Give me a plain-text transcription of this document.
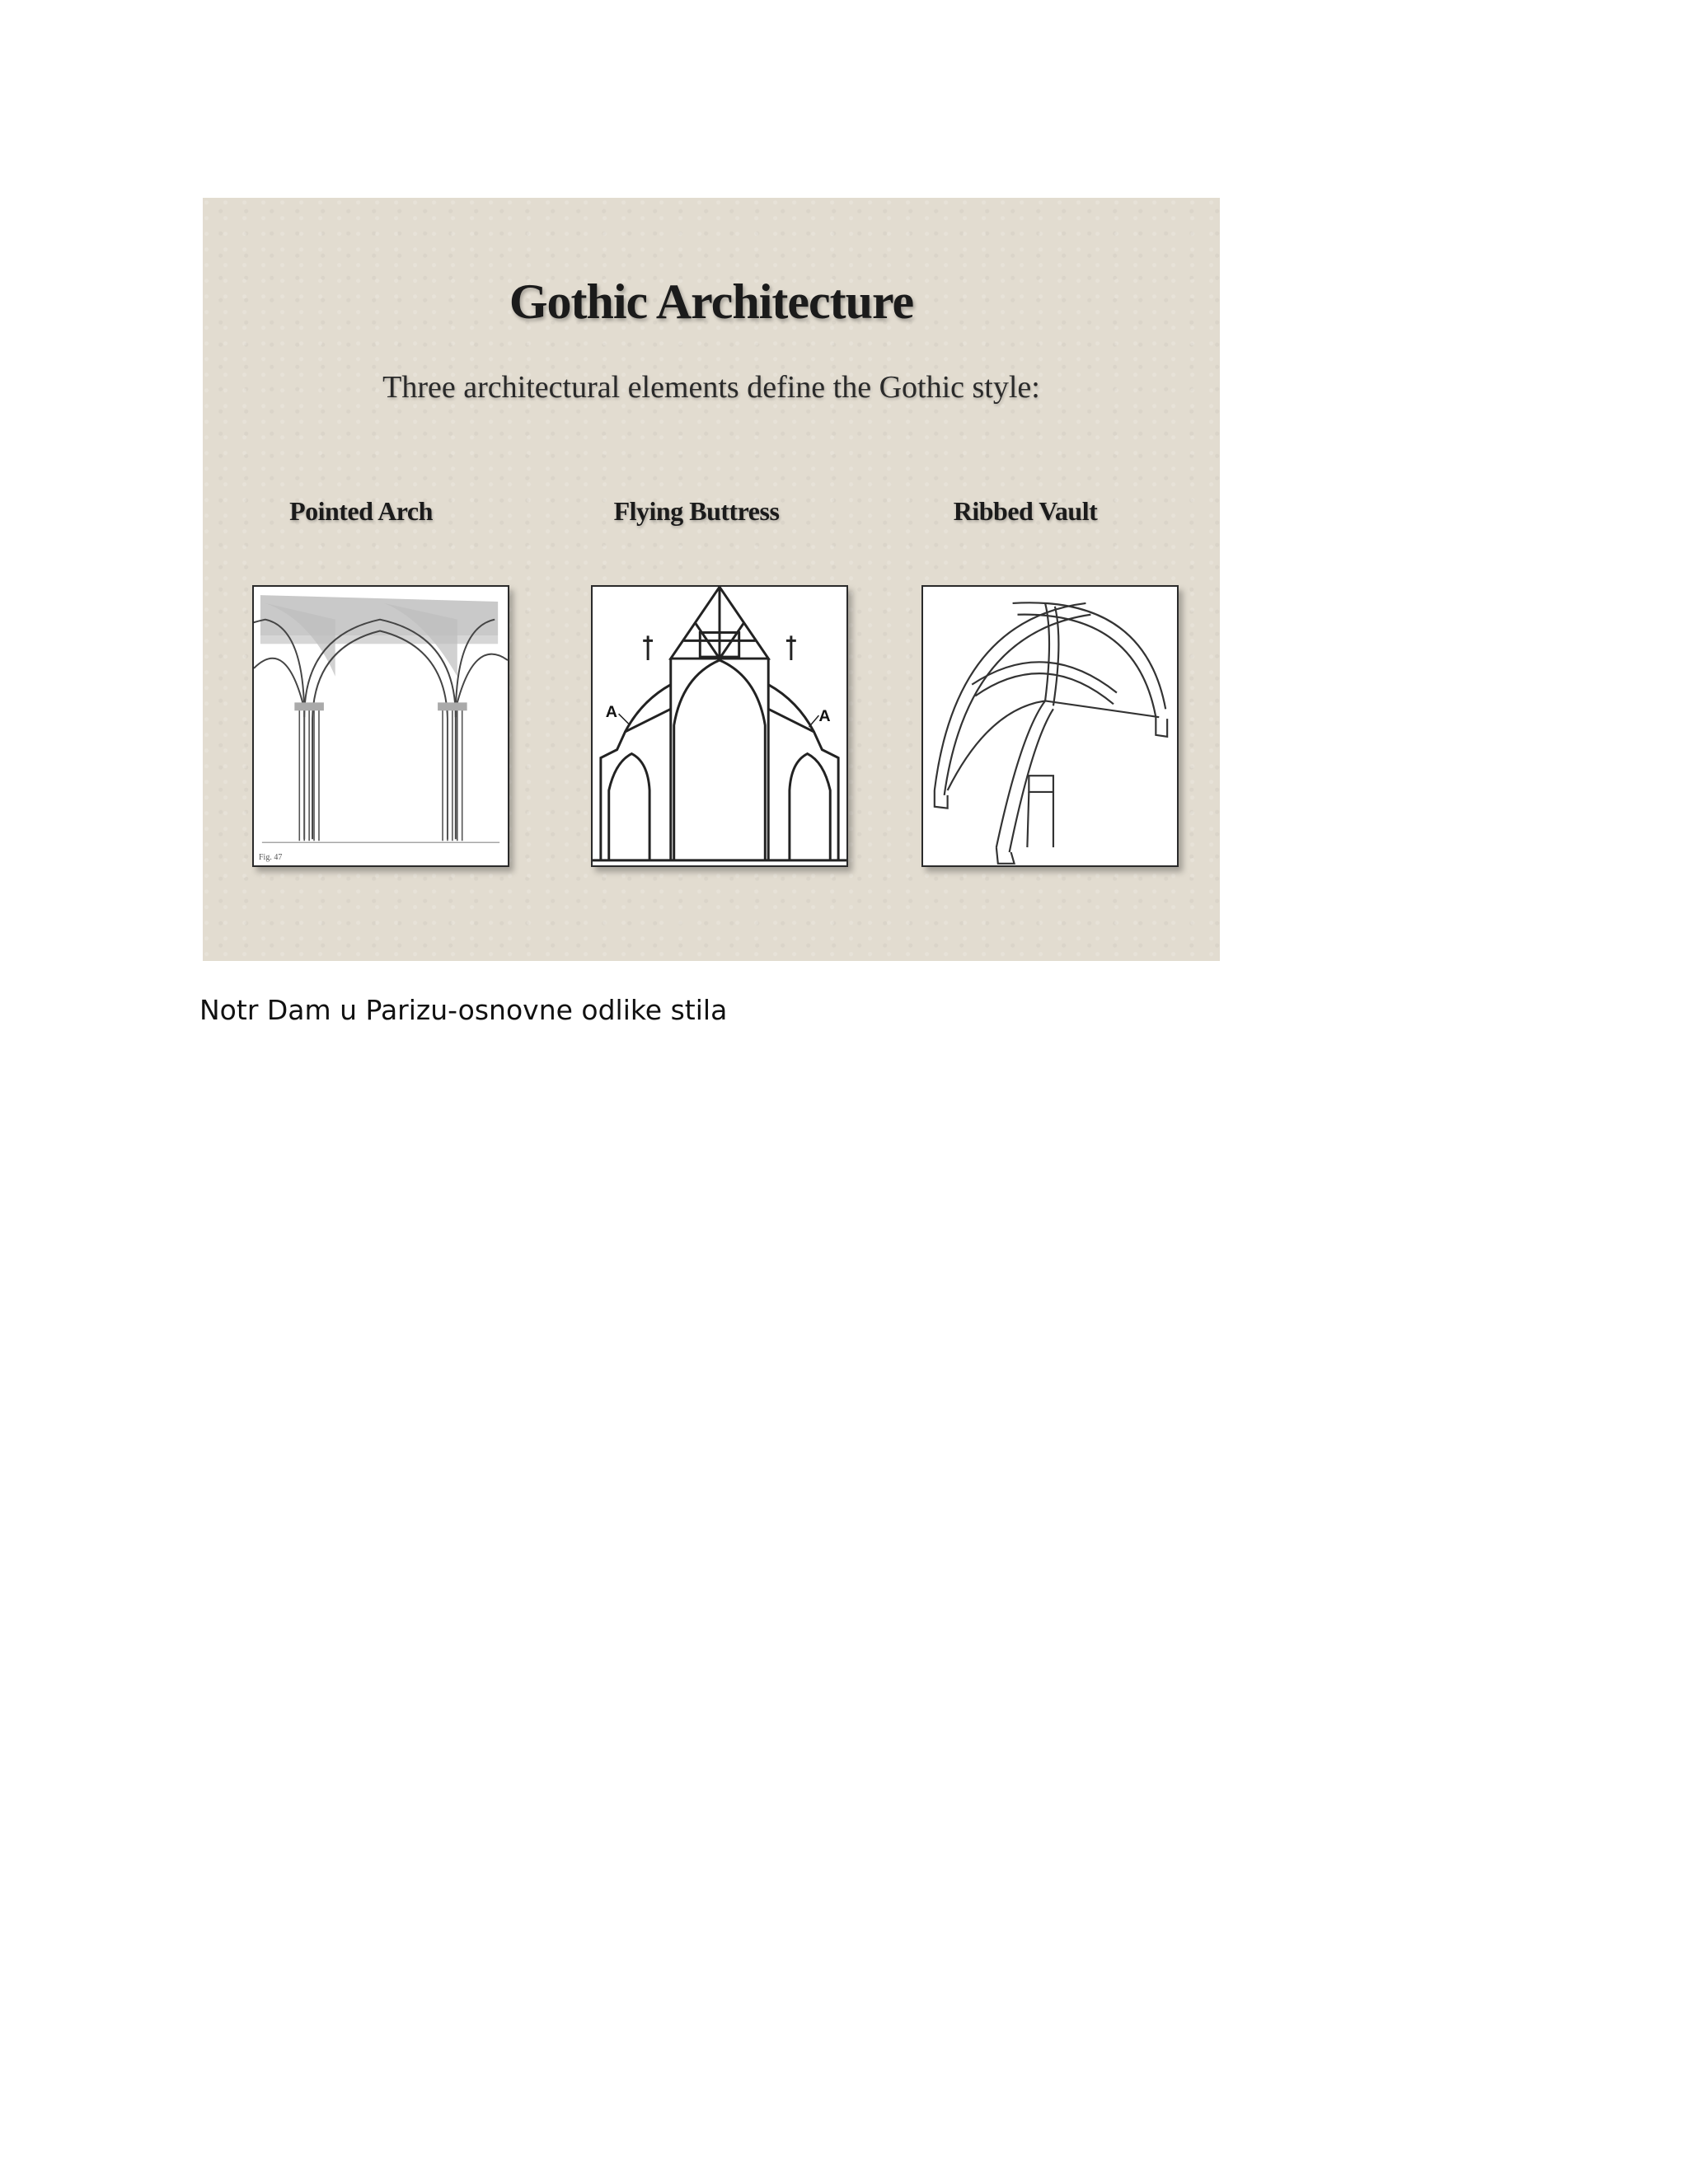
Gothic Architecture
Three architectural elements define the Gothic style:
Pointed Arch	Flying Buttress	Ribbed Vault
Fig. 47
A	A
Notr Dam u Parizu-osnovne odlike stila
